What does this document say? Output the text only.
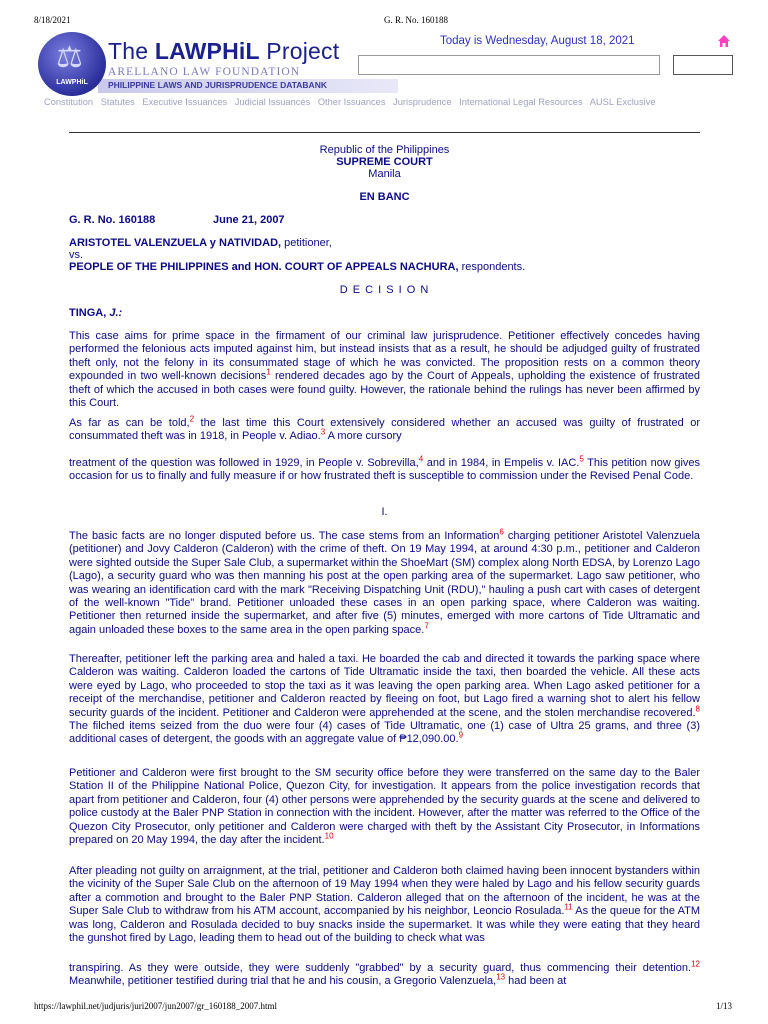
8/18/2021	G. R. No. 160188
PHILIPPINE LAWS AND JURISPRUDENCE DATABANK
⚖
LAWPHiL
The LAWPHiL Project
ARELLANO LAW FOUNDATION
Today is Wednesday, August 18, 2021
Constitution Statutes Executive Issuances Judicial Issuances Other Issuances Jurisprudence International Legal Resources AUSL Exclusive
Republic of the Philippines
SUPREME COURT
Manila
EN BANC
G. R. No. 160188	June 21, 2007
ARISTOTEL VALENZUELA y NATIVIDAD, petitioner,
vs.
PEOPLE OF THE PHILIPPINES and HON. COURT OF APPEALS NACHURA, respondents.
D E C I S I O N
TINGA, J.:

This case aims for prime space in the firmament of our criminal law jurisprudence. Petitioner effectively concedes having performed the felonious acts imputed against him, but instead insists that as a result, he should be adjudged guilty of frustrated theft only, not the felony in its consummated stage of which he was convicted. The proposition rests on a common theory expounded in two well-known decisions$^1$ rendered decades ago by the Court of Appeals, upholding the existence of frustrated theft of which the accused in both cases were found guilty. However, the rationale behind the rulings has never been affirmed by this Court.

As far as can be told,$^2$ the last time this Court extensively considered whether an accused was guilty of frustrated or consummated theft was in 1918, in People v. Adiao.$^3$ A more cursory

treatment of the question was followed in 1929, in People v. Sobrevilla,$^4$ and in 1984, in Empelis v. IAC.$^5$ This petition now gives occasion for us to finally and fully measure if or how frustrated theft is susceptible to commission under the Revised Penal Code.

I.

The basic facts are no longer disputed before us. The case stems from an Information$^6$ charging petitioner Aristotel Valenzuela (petitioner) and Jovy Calderon (Calderon) with the crime of theft. On 19 May 1994, at around 4:30 p.m., petitioner and Calderon were sighted outside the Super Sale Club, a supermarket within the ShoeMart (SM) complex along North EDSA, by Lorenzo Lago (Lago), a security guard who was then manning his post at the open parking area of the supermarket. Lago saw petitioner, who was wearing an identification card with the mark "Receiving Dispatching Unit (RDU)," hauling a push cart with cases of detergent of the well-known "Tide" brand. Petitioner unloaded these cases in an open parking space, where Calderon was waiting. Petitioner then returned inside the supermarket, and after five (5) minutes, emerged with more cartons of Tide Ultramatic and again unloaded these boxes to the same area in the open parking space.$^7$

Thereafter, petitioner left the parking area and haled a taxi. He boarded the cab and directed it towards the parking space where Calderon was waiting. Calderon loaded the cartons of Tide Ultramatic inside the taxi, then boarded the vehicle. All these acts were eyed by Lago, who proceeded to stop the taxi as it was leaving the open parking area. When Lago asked petitioner for a receipt of the merchandise, petitioner and Calderon reacted by fleeing on foot, but Lago fired a warning shot to alert his fellow security guards of the incident. Petitioner and Calderon were apprehended at the scene, and the stolen merchandise recovered.$^8$ The filched items seized from the duo were four (4) cases of Tide Ultramatic, one (1) case of Ultra 25 grams, and three (3) additional cases of detergent, the goods with an aggregate value of ₱12,090.00.$^9$

Petitioner and Calderon were first brought to the SM security office before they were transferred on the same day to the Baler Station II of the Philippine National Police, Quezon City, for investigation. It appears from the police investigation records that apart from petitioner and Calderon, four (4) other persons were apprehended by the security guards at the scene and delivered to police custody at the Baler PNP Station in connection with the incident. However, after the matter was referred to the Office of the Quezon City Prosecutor, only petitioner and Calderon were charged with theft by the Assistant City Prosecutor, in Informations prepared on 20 May 1994, the day after the incident.$^{10}$

After pleading not guilty on arraignment, at the trial, petitioner and Calderon both claimed having been innocent bystanders within the vicinity of the Super Sale Club on the afternoon of 19 May 1994 when they were haled by Lago and his fellow security guards after a commotion and brought to the Baler PNP Station. Calderon alleged that on the afternoon of the incident, he was at the Super Sale Club to withdraw from his ATM account, accompanied by his neighbor, Leoncio Rosulada.$^{11}$ As the queue for the ATM was long, Calderon and Rosulada decided to buy snacks inside the supermarket. It was while they were eating that they heard the gunshot fired by Lago, leading them to head out of the building to check what was

transpiring. As they were outside, they were suddenly "grabbed" by a security guard, thus commencing their detention.$^{12}$ Meanwhile, petitioner testified during trial that he and his cousin, a Gregorio Valenzuela,$^{13}$ had been at

https://lawphil.net/judjuris/juri2007/jun2007/gr_160188_2007.html	1/13
